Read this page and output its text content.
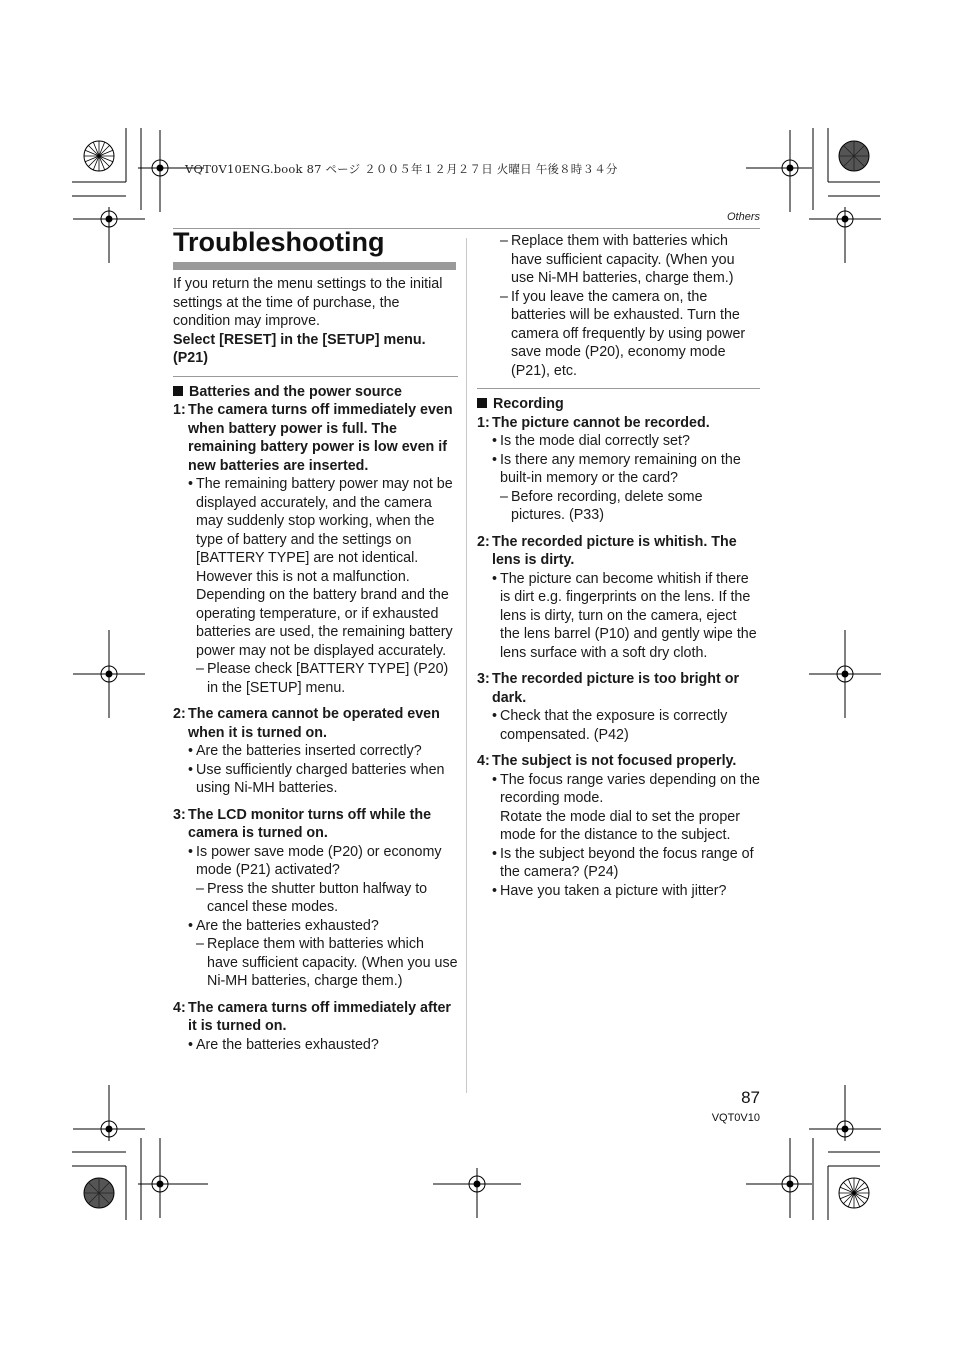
VQT0V10ENG.book 87 ページ ２００５年１２月２７日 火曜日 午後８時３４分
Others
Troubleshooting

If you return the menu settings to the initial settings at the time of purchase, the condition may improve.

Select [RESET] in the [SETUP] menu. (P21)

Batteries and the power source
1: The camera turns off immediately even when battery power is full. The remaining battery power is low even if new batteries are inserted.
• The remaining battery power may not be displayed accurately, and the camera may suddenly stop working, when the type of battery and the settings on [BATTERY TYPE] are not identical. However this is not a malfunction. Depending on the battery brand and the operating temperature, or if exhausted batteries are used, the remaining battery power may not be displayed accurately.
– Please check [BATTERY TYPE] (P20) in the [SETUP] menu.
2: The camera cannot be operated even when it is turned on.
• Are the batteries inserted correctly?
• Use sufficiently charged batteries when using Ni-MH batteries.
3: The LCD monitor turns off while the camera is turned on.
• Is power save mode (P20) or economy mode (P21) activated?
– Press the shutter button halfway to cancel these modes.
• Are the batteries exhausted?
– Replace them with batteries which have sufficient capacity. (When you use Ni-MH batteries, charge them.)
4: The camera turns off immediately after it is turned on.
• Are the batteries exhausted?
– Replace them with batteries which have sufficient capacity. (When you use Ni-MH batteries, charge them.)
– If you leave the camera on, the batteries will be exhausted. Turn the camera off frequently by using power save mode (P20), economy mode (P21), etc.
Recording
1: The picture cannot be recorded.
• Is the mode dial correctly set?
• Is there any memory remaining on the built-in memory or the card?
– Before recording, delete some pictures. (P33)
2: The recorded picture is whitish. The lens is dirty.
• The picture can become whitish if there is dirt e.g. fingerprints on the lens. If the lens is dirty, turn on the camera, eject the lens barrel (P10) and gently wipe the lens surface with a soft dry cloth.
3: The recorded picture is too bright or dark.
• Check that the exposure is correctly compensated. (P42)
4: The subject is not focused properly.
• The focus range varies depending on the recording mode.
Rotate the mode dial to set the proper mode for the distance to the subject.
• Is the subject beyond the focus range of the camera? (P24)
• Have you taken a picture with jitter?
87
VQT0V10
